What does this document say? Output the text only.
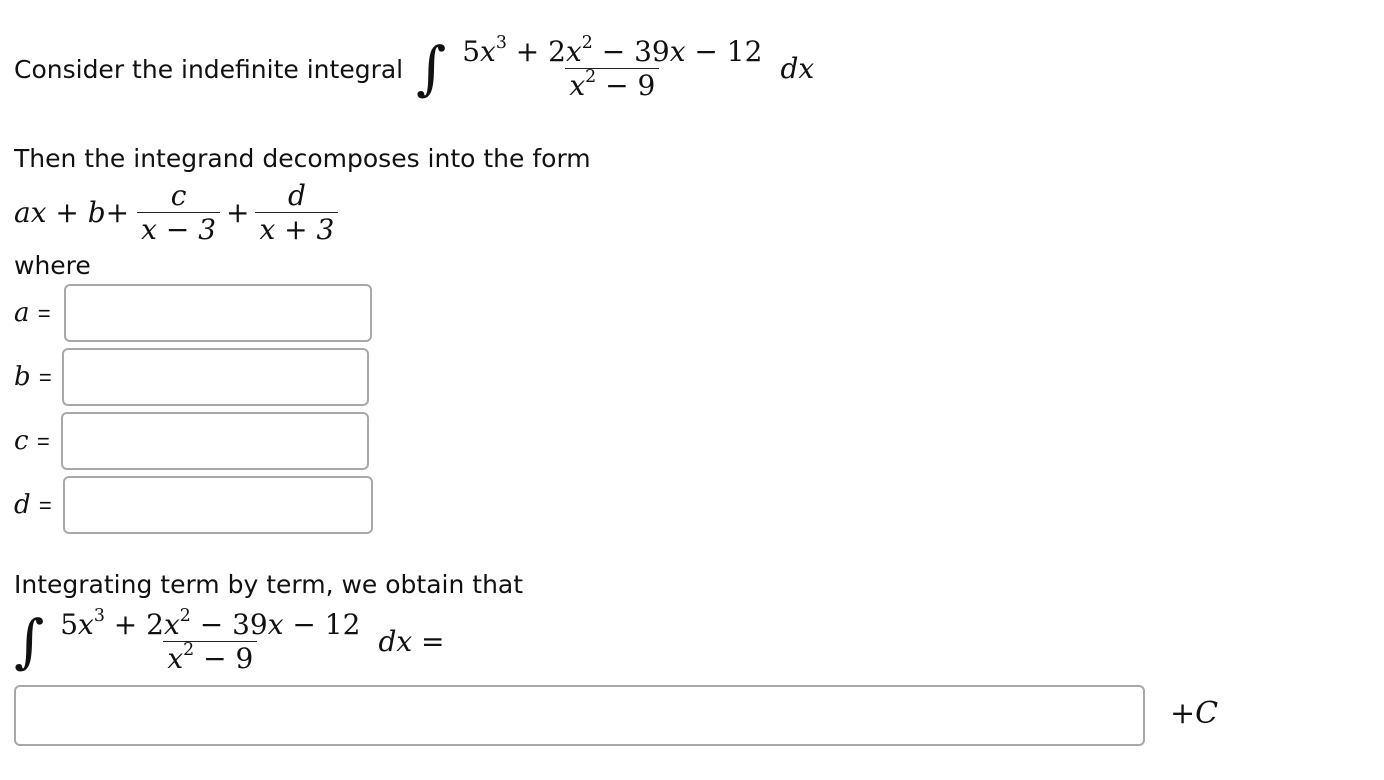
Consider the indefinite integral ∫ $\frac{5x^3 + 2x^2 - 39x - 12}{x^2 - 9}$ dx
Then the integrand decomposes into the form
ax + $b+ \frac{c}{x - 3} + \frac{d}{x + 3}$
where
a =
b =
c =
d =
Integrating term by term, we obtain that
∫ $\frac{5x^3 + 2x^2 - 39x - 12}{x^2 - 9}$ dx =
+C
